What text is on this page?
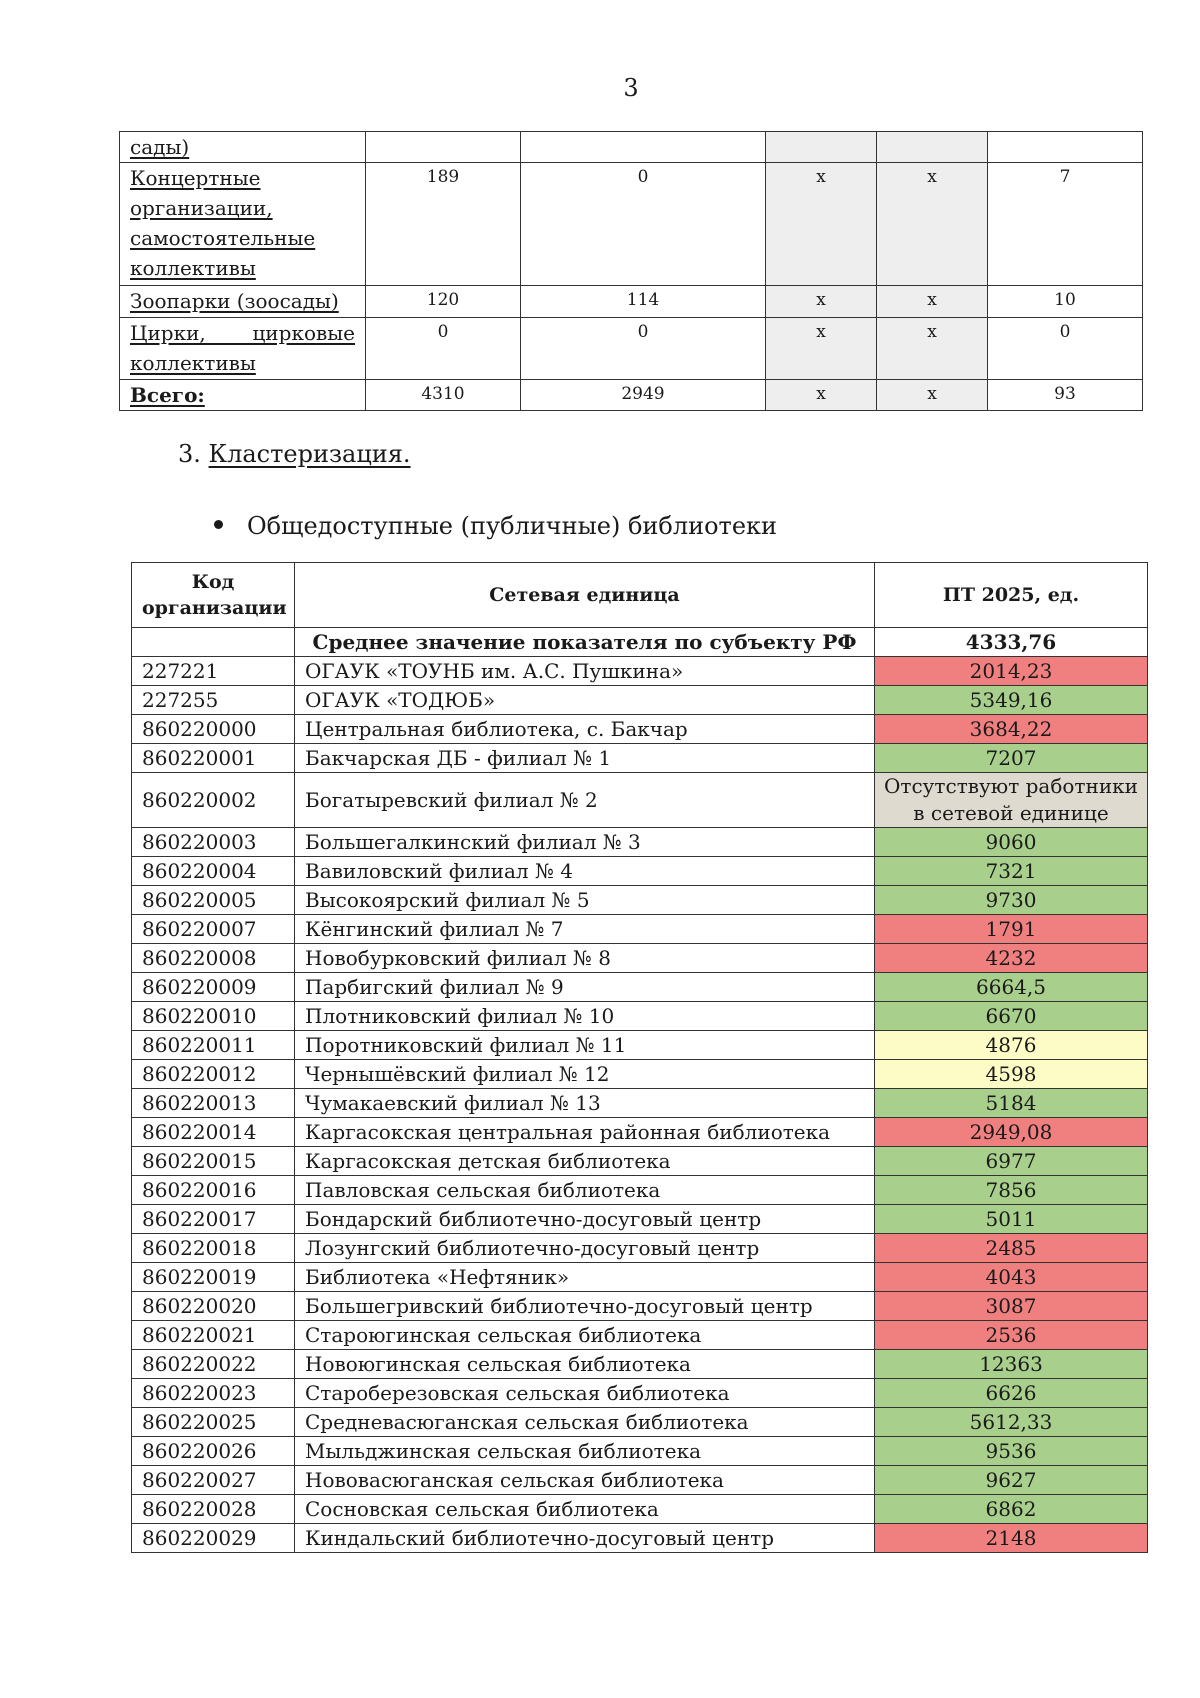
3
сады)					
Концертные организации, самостоятельные коллективы	189	0	х	х	7
Зоопарки (зоосады)	120	114	х	х	10
Цирки, цирковые коллективы	0	0	х	х	0
Всего:	4310	2949	х	х	93
3. Кластеризация.
Общедоступные (публичные) библиотеки
Код организации	Сетевая единица	ПТ 2025, ед.
	Среднее значение показателя по субъекту РФ	4333,76
227221	ОГАУК «ТОУНБ им. А.С. Пушкина»	2014,23
227255	ОГАУК «ТОДЮБ»	5349,16
860220000	Центральная библиотека, с. Бакчар	3684,22
860220001	Бакчарская ДБ - филиал № 1	7207
860220002	Богатыревский филиал № 2	Отсутствуют работники в сетевой единице
860220003	Большегалкинский филиал № 3	9060
860220004	Вавиловский филиал № 4	7321
860220005	Высокоярский филиал № 5	9730
860220007	Кёнгинский филиал № 7	1791
860220008	Новобурковский филиал № 8	4232
860220009	Парбигский филиал № 9	6664,5
860220010	Плотниковский филиал № 10	6670
860220011	Поротниковский филиал № 11	4876
860220012	Чернышёвский филиал № 12	4598
860220013	Чумакаевский филиал № 13	5184
860220014	Каргасокская центральная районная библиотека	2949,08
860220015	Каргасокская детская библиотека	6977
860220016	Павловская сельская библиотека	7856
860220017	Бондарский библиотечно-досуговый центр	5011
860220018	Лозунгский библиотечно-досуговый центр	2485
860220019	Библиотека «Нефтяник»	4043
860220020	Большегривский библиотечно-досуговый центр	3087
860220021	Староюгинская сельская библиотека	2536
860220022	Новоюгинская сельская библиотека	12363
860220023	Староберезовская сельская библиотека	6626
860220025	Средневасюганская сельская библиотека	5612,33
860220026	Мыльджинская сельская библиотека	9536
860220027	Нововасюганская сельская библиотека	9627
860220028	Сосновская сельская библиотека	6862
860220029	Киндальский библиотечно-досуговый центр	2148
